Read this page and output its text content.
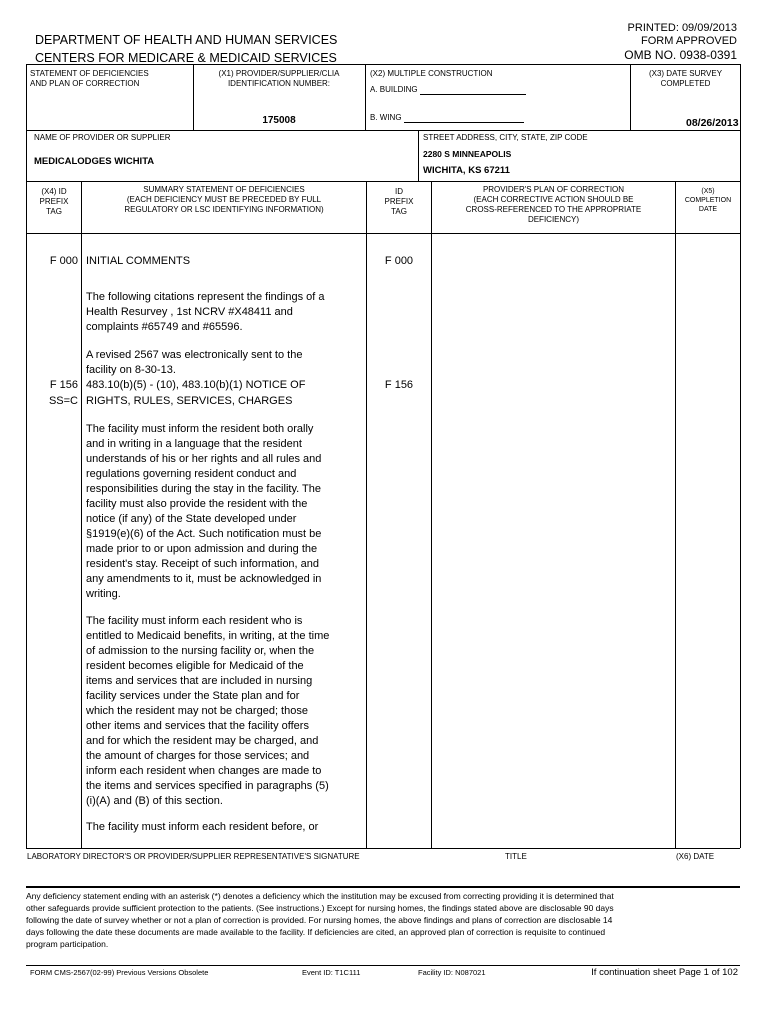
DEPARTMENT OF HEALTH AND HUMAN SERVICES
CENTERS FOR MEDICARE & MEDICAID SERVICES
PRINTED: 09/09/2013
FORM APPROVED
OMB NO. 0938-0391
STATEMENT OF DEFICIENCIES
AND PLAN OF CORRECTION
(X1) PROVIDER/SUPPLIER/CLIA
IDENTIFICATION NUMBER:
175008
(X2) MULTIPLE CONSTRUCTION
A. BUILDING
B. WING
(X3) DATE SURVEY
COMPLETED
08/26/2013
NAME OF PROVIDER OR SUPPLIER
MEDICALODGES WICHITA
STREET ADDRESS, CITY, STATE, ZIP CODE
2280 S MINNEAPOLIS
WICHITA, KS 67211
(X4) ID
PREFIX
TAG
SUMMARY STATEMENT OF DEFICIENCIES
(EACH DEFICIENCY MUST BE PRECEDED BY FULL
REGULATORY OR LSC IDENTIFYING INFORMATION)
ID
PREFIX
TAG
PROVIDER'S PLAN OF CORRECTION
(EACH CORRECTIVE ACTION SHOULD BE
CROSS-REFERENCED TO THE APPROPRIATE
DEFICIENCY)
(X5)
COMPLETION
DATE
F 000 INITIAL COMMENTS	F 000
The following citations represent the findings of a
Health Resurvey , 1st NCRV #X48411 and
complaints #65749 and #65596.
A revised 2567 was electronically sent to the
facility on 8-30-13.
F 156
SS=C
483.10(b)(5) - (10), 483.10(b)(1) NOTICE OF
RIGHTS, RULES, SERVICES, CHARGES
F 156
The facility must inform the resident both orally
and in writing in a language that the resident
understands of his or her rights and all rules and
regulations governing resident conduct and
responsibilities during the stay in the facility. The
facility must also provide the resident with the
notice (if any) of the State developed under
§1919(e)(6) of the Act. Such notification must be
made prior to or upon admission and during the
resident's stay. Receipt of such information, and
any amendments to it, must be acknowledged in
writing.
The facility must inform each resident who is
entitled to Medicaid benefits, in writing, at the time
of admission to the nursing facility or, when the
resident becomes eligible for Medicaid of the
items and services that are included in nursing
facility services under the State plan and for
which the resident may not be charged; those
other items and services that the facility offers
and for which the resident may be charged, and
the amount of charges for those services; and
inform each resident when changes are made to
the items and services specified in paragraphs (5)
(i)(A) and (B) of this section.
The facility must inform each resident before, or
LABORATORY DIRECTOR'S OR PROVIDER/SUPPLIER REPRESENTATIVE'S SIGNATURE	TITLE	(X6) DATE
Any deficiency statement ending with an asterisk (*) denotes a deficiency which the institution may be excused from correcting providing it is determined that
other safeguards provide sufficient protection to the patients. (See instructions.) Except for nursing homes, the findings stated above are disclosable 90 days
following the date of survey whether or not a plan of correction is provided. For nursing homes, the above findings and plans of correction are disclosable 14
days following the date these documents are made available to the facility. If deficiencies are cited, an approved plan of correction is requisite to continued
program participation.
FORM CMS-2567(02-99) Previous Versions Obsolete	Event ID: T1C111	Facility ID: N087021	If continuation sheet Page 1 of 102
